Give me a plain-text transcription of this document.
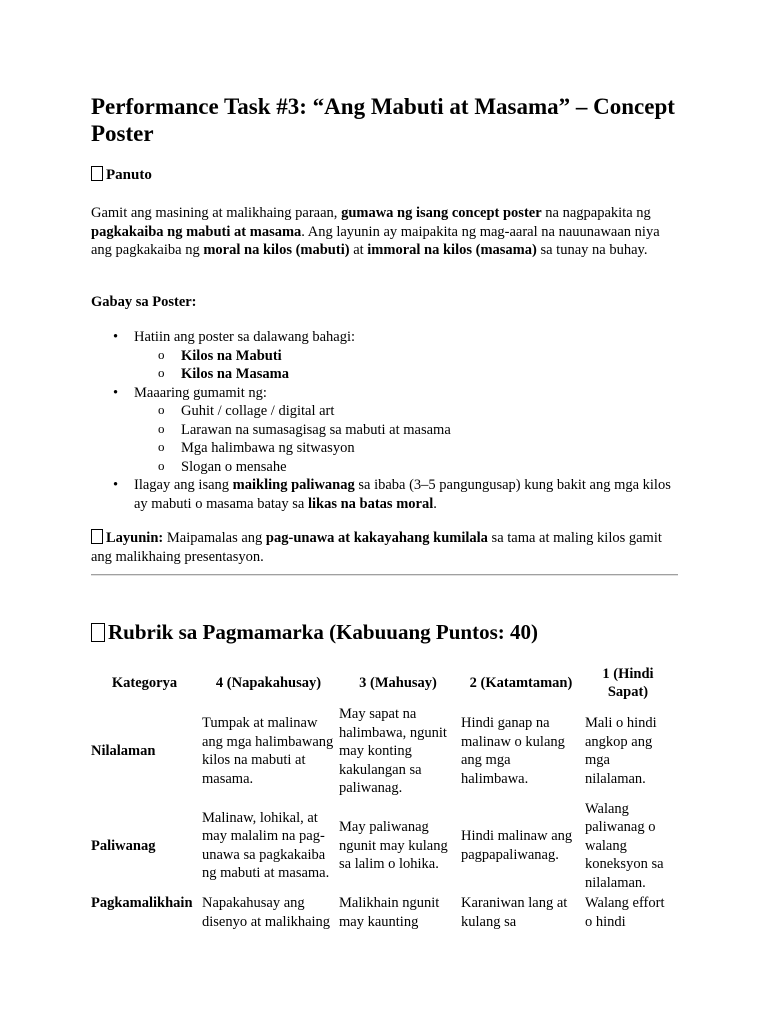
Performance Task #3: “Ang Mabuti at Masama” – Concept Poster
Panuto

Gamit ang masining at malikhaing paraan, gumawa ng isang concept poster na nagpapakita ng pagkakaiba ng mabuti at masama. Ang layunin ay maipakita ng mag-aaral na nauunawaan niya ang pagkakaiba ng moral na kilos (mabuti) at immoral na kilos (masama) sa tunay na buhay.

Gabay sa Poster:
• Hatiin ang poster sa dalawang bahagi:
o Kilos na Mabuti
o Kilos na Masama
• Maaaring gumamit ng:
o Guhit / collage / digital art
o Larawan na sumasagisag sa mabuti at masama
o Mga halimbawa ng sitwasyon
o Slogan o mensahe
• Ilagay ang isang maikling paliwanag sa ibaba (3–5 pangungusap) kung bakit ang mga kilos ay mabuti o masama batay sa likas na batas moral.

Layunin: Maipamalas ang pag-unawa at kakayahang kumilala sa tama at maling kilos gamit ang malikhaing presentasyon.

Rubrik sa Pagmamarka (Kabuuang Puntos: 40)
Kategorya	4 (Napakahusay)	3 (Mahusay)	2 (Katamtaman)	1 (Hindi Sapat)
Nilalaman	Tumpak at malinaw ang mga halimbawang kilos na mabuti at masama.	May sapat na halimbawa, ngunit may konting kakulangan sa paliwanag.	Hindi ganap na malinaw o kulang ang mga halimbawa.	Mali o hindi angkop ang mga nilalaman.
Paliwanag	Malinaw, lohikal, at may malalim na pag-unawa sa pagkakaiba ng mabuti at masama.	May paliwanag ngunit may kulang sa lalim o lohika.	Hindi malinaw ang pagpapaliwanag.	Walang paliwanag o walang koneksyon sa nilalaman.
Pagkamalikhain	Napakahusay ang disenyo at malikhaing	Malikhain ngunit may kaunting	Karaniwan lang at kulang sa	Walang effort o hindi
